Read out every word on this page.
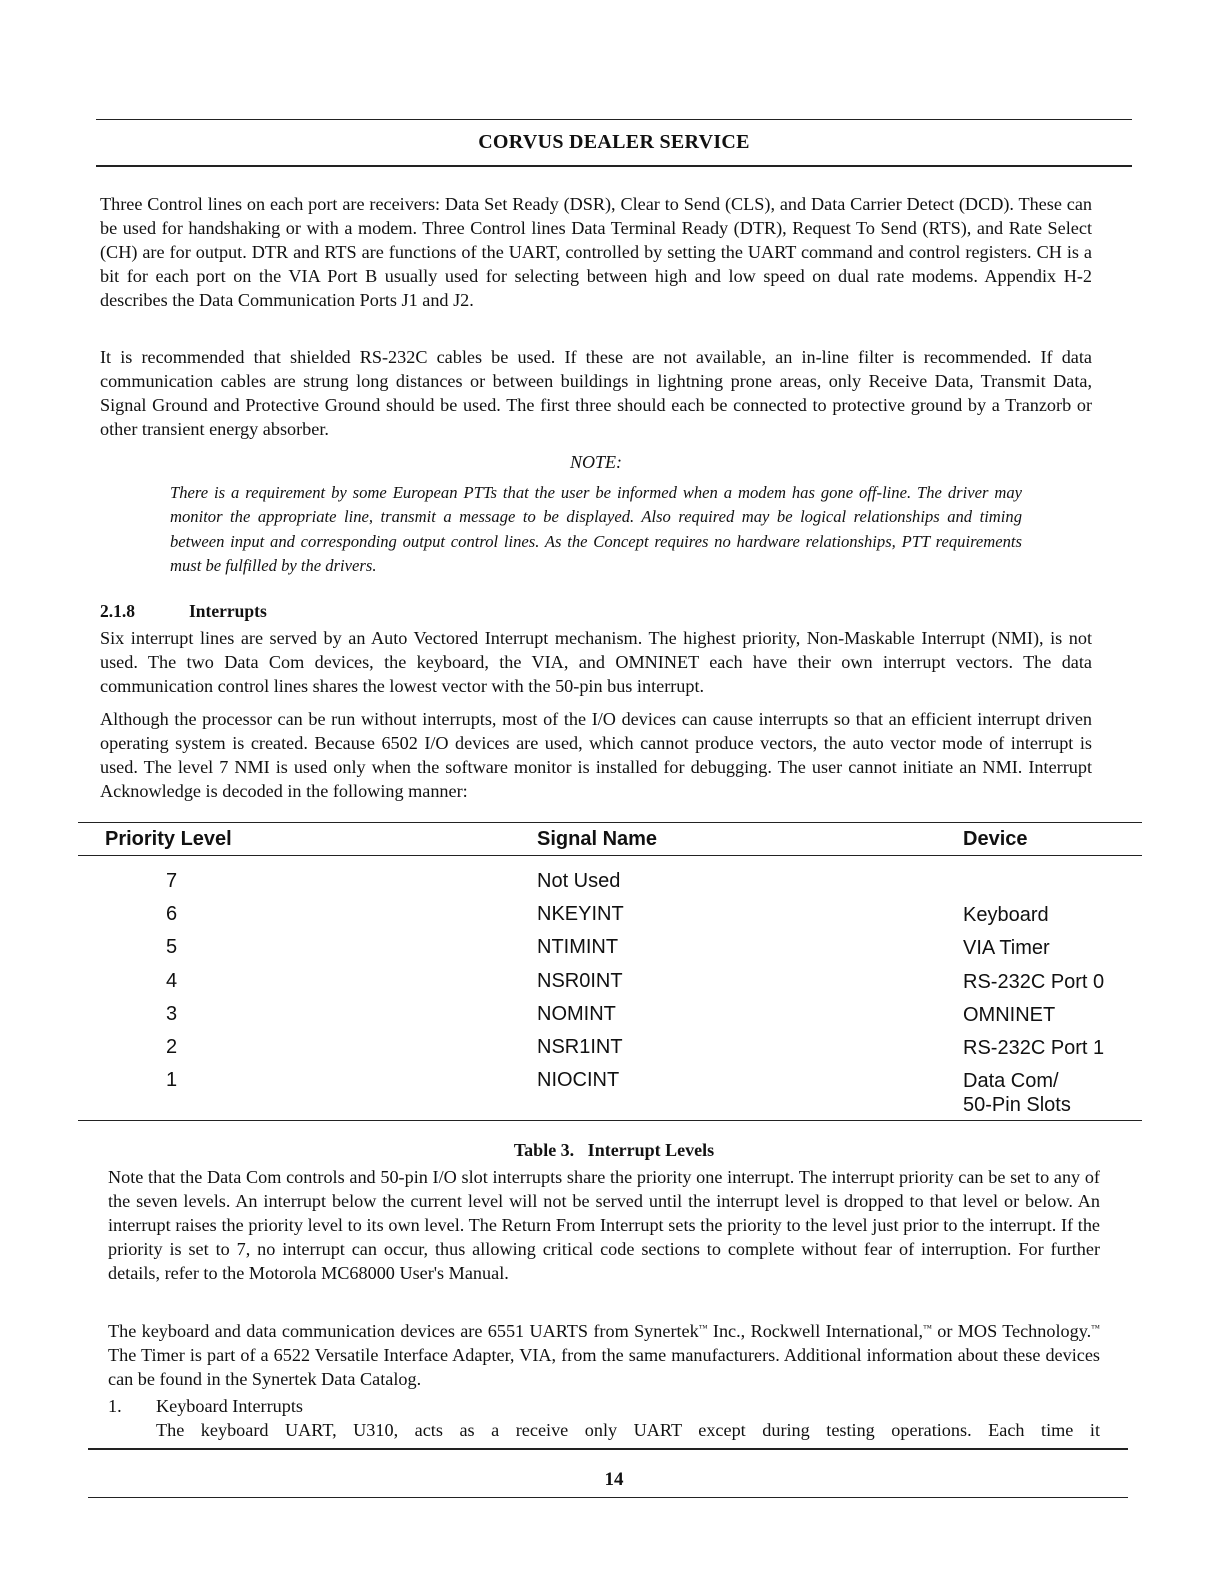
CORVUS DEALER SERVICE

Three Control lines on each port are receivers: Data Set Ready (DSR), Clear to Send (CLS), and Data Carrier Detect (DCD). These can be used for handshaking or with a modem. Three Control lines Data Terminal Ready (DTR), Request To Send (RTS), and Rate Select (CH) are for output. DTR and RTS are functions of the UART, controlled by setting the UART command and control registers. CH is a bit for each port on the VIA Port B usually used for selecting between high and low speed on dual rate modems. Appendix H-2 describes the Data Communication Ports J1 and J2.

It is recommended that shielded RS-232C cables be used. If these are not available, an in-line filter is recommended. If data communication cables are strung long distances or between buildings in lightning prone areas, only Receive Data, Transmit Data, Signal Ground and Protective Ground should be used. The first three should each be connected to protective ground by a Tranzorb or other transient energy absorber.

NOTE:

There is a requirement by some European PTTs that the user be informed when a modem has gone off-line. The driver may monitor the appropriate line, transmit a message to be displayed. Also required may be logical relationships and timing between input and corresponding output control lines. As the Concept requires no hardware relationships, PTT requirements must be fulfilled by the drivers.

2.1.8	Interrupts

Six interrupt lines are served by an Auto Vectored Interrupt mechanism. The highest priority, Non-Maskable Interrupt (NMI), is not used. The two Data Com devices, the keyboard, the VIA, and OMNINET each have their own interrupt vectors. The data communication control lines shares the lowest vector with the 50-pin bus interrupt.

Although the processor can be run without interrupts, most of the I/O devices can cause interrupts so that an efficient interrupt driven operating system is created. Because 6502 I/O devices are used, which cannot produce vectors, the auto vector mode of interrupt is used. The level 7 NMI is used only when the software monitor is installed for debugging. The user cannot initiate an NMI. Interrupt Acknowledge is decoded in the following manner:

Priority Level	Signal Name	Device
7	Not Used
6	NKEYINT	Keyboard
5	NTIMINT	VIA Timer
4	NSR0INT	RS-232C Port 0
3	NOMINT	OMNINET
2	NSR1INT	RS-232C Port 1
1	NIOCINT	Data Com/
50-Pin Slots
Table 3.   Interrupt Levels

Note that the Data Com controls and 50-pin I/O slot interrupts share the priority one interrupt. The interrupt priority can be set to any of the seven levels. An interrupt below the current level will not be served until the interrupt level is dropped to that level or below. An interrupt raises the priority level to its own level. The Return From Interrupt sets the priority to the level just prior to the interrupt. If the priority is set to 7, no interrupt can occur, thus allowing critical code sections to complete without fear of interruption. For further details, refer to the Motorola MC68000 User's Manual.

The keyboard and data communication devices are 6551 UARTS from Synertek™ Inc., Rockwell International,™ or MOS Technology.™ The Timer is part of a 6522 Versatile Interface Adapter, VIA, from the same manufacturers. Additional information about these devices can be found in the Synertek Data Catalog.

1. Keyboard Interrupts

The keyboard UART, U310, acts as a receive only UART except during testing operations. Each time it

14
